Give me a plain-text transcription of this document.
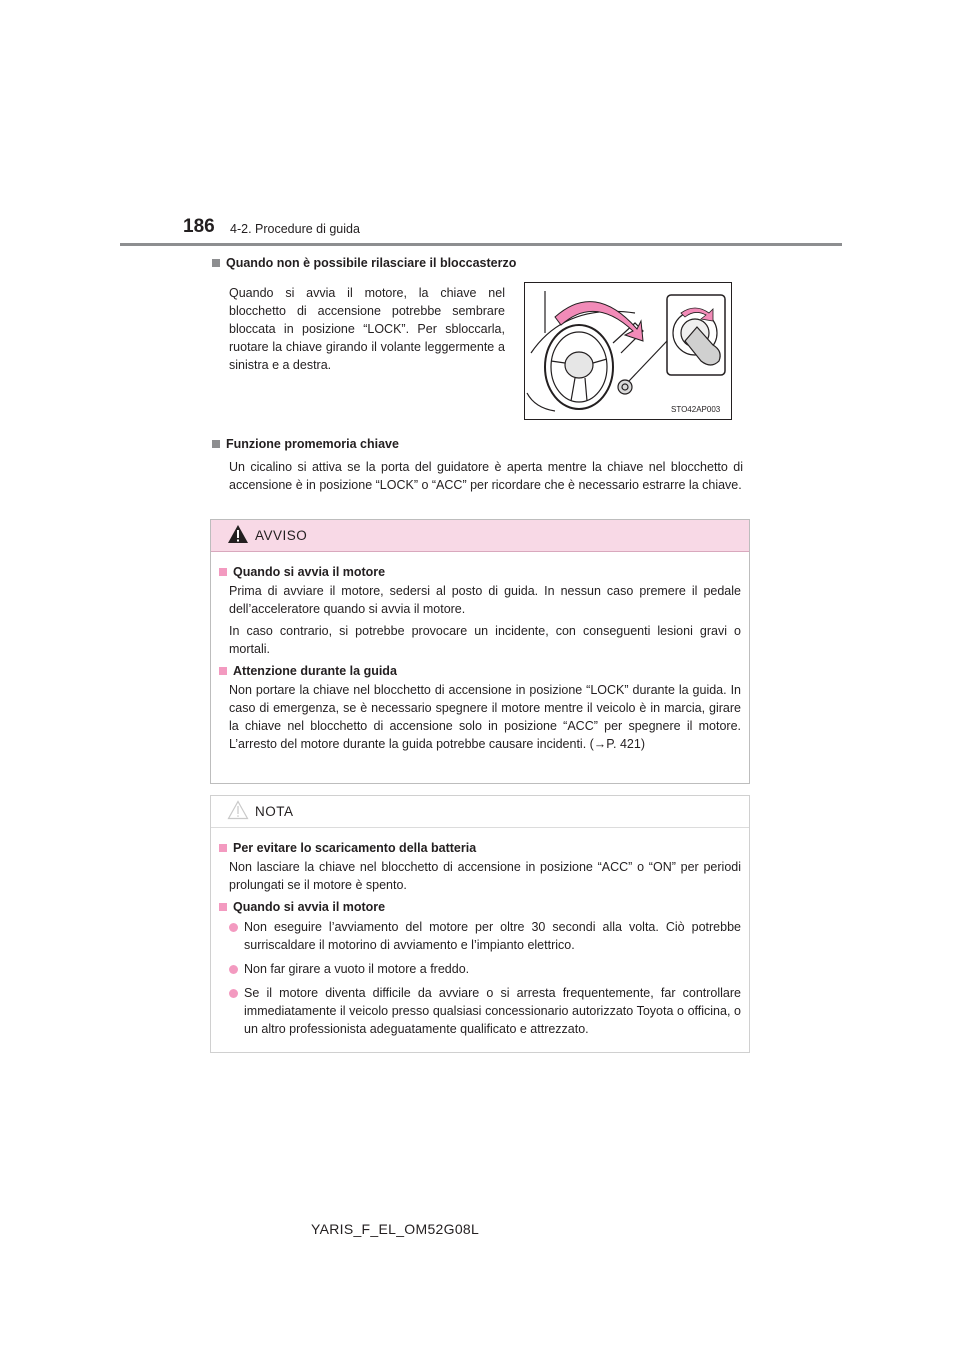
186 4-2. Procedure di guida
Quando non è possibile rilasciare il bloccasterzo
Quando si avvia il motore, la chiave nel blocchetto di accensione potrebbe sembrare bloccata in posizione “LOCK”. Per sbloccarla, ruotare la chiave girando il volante leggermente a sinistra e a destra.
STO42AP003
Funzione promemoria chiave
Un cicalino si attiva se la porta del guidatore è aperta mentre la chiave nel blocchetto di accensione è in posizione “LOCK” o “ACC” per ricordare che è necessario estrarre la chiave.
AVVISO
Quando si avvia il motore
Prima di avviare il motore, sedersi al posto di guida. In nessun caso premere il pedale dell’acceleratore quando si avvia il motore.
In caso contrario, si potrebbe provocare un incidente, con conseguenti lesioni gravi o mortali.
Attenzione durante la guida
Non portare la chiave nel blocchetto di accensione in posizione “LOCK” durante la guida. In caso di emergenza, se è necessario spegnere il motore mentre il veicolo è in marcia, girare la chiave nel blocchetto di accensione solo in posizione “ACC” per spegnere il motore. L’arresto del motore durante la guida potrebbe causare incidenti. (→P. 421)
NOTA
Per evitare lo scaricamento della batteria
Non lasciare la chiave nel blocchetto di accensione in posizione “ACC” o “ON” per periodi prolungati se il motore è spento.
Quando si avvia il motore
Non eseguire l’avviamento del motore per oltre 30 secondi alla volta. Ciò potrebbe surriscaldare il motorino di avviamento e l’impianto elettrico.
Non far girare a vuoto il motore a freddo.
Se il motore diventa difficile da avviare o si arresta frequentemente, far controllare immediatamente il veicolo presso qualsiasi concessionario autorizzato Toyota o officina, o un altro professionista adeguatamente qualificato e attrezzato.
YARIS_F_EL_OM52G08L
